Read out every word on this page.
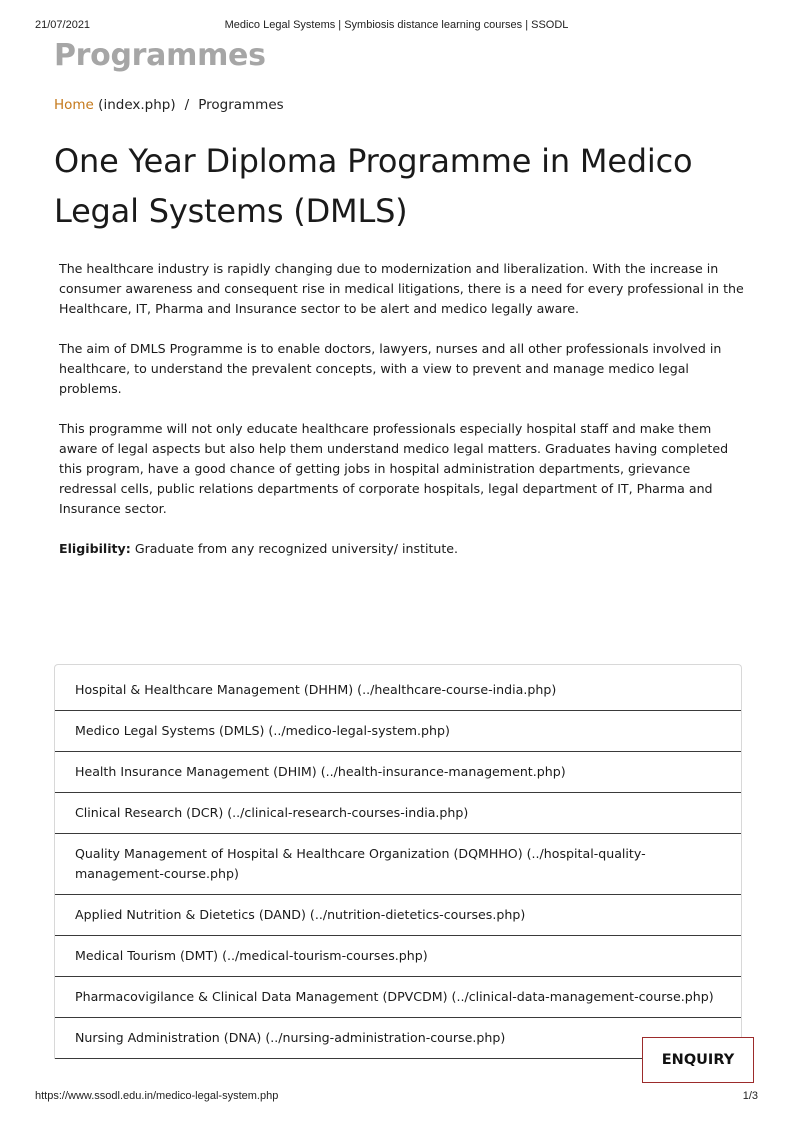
21/07/2021	Medico Legal Systems | Symbiosis distance learning courses | SSODL
Programmes
Home (index.php) / Programmes
One Year Diploma Programme in Medico Legal Systems (DMLS)

The healthcare industry is rapidly changing due to modernization and liberalization. With the increase in consumer awareness and consequent rise in medical litigations, there is a need for every professional in the Healthcare, IT, Pharma and Insurance sector to be alert and medico legally aware.

The aim of DMLS Programme is to enable doctors, lawyers, nurses and all other professionals involved in healthcare, to understand the prevalent concepts, with a view to prevent and manage medico legal problems.

This programme will not only educate healthcare professionals especially hospital staff and make them aware of legal aspects but also help them understand medico legal matters. Graduates having completed this program, have a good chance of getting jobs in hospital administration departments, grievance redressal cells, public relations departments of corporate hospitals, legal department of IT, Pharma and Insurance sector.

Eligibility: Graduate from any recognized university/ institute.

Hospital & Healthcare Management (DHHM) (../healthcare-course-india.php)
Medico Legal Systems (DMLS) (../medico-legal-system.php)
Health Insurance Management (DHIM) (../health-insurance-management.php)
Clinical Research (DCR) (../clinical-research-courses-india.php)
Quality Management of Hospital & Healthcare Organization (DQMHHO) (../hospital-quality-management-course.php)
Applied Nutrition & Dietetics (DAND) (../nutrition-dietetics-courses.php)
Medical Tourism (DMT) (../medical-tourism-courses.php)
Pharmacovigilance & Clinical Data Management (DPVCDM) (../clinical-data-management-course.php)
Nursing Administration (DNA) (../nursing-administration-course.php)
ENQUIRY
https://www.ssodl.edu.in/medico-legal-system.php	1/3
